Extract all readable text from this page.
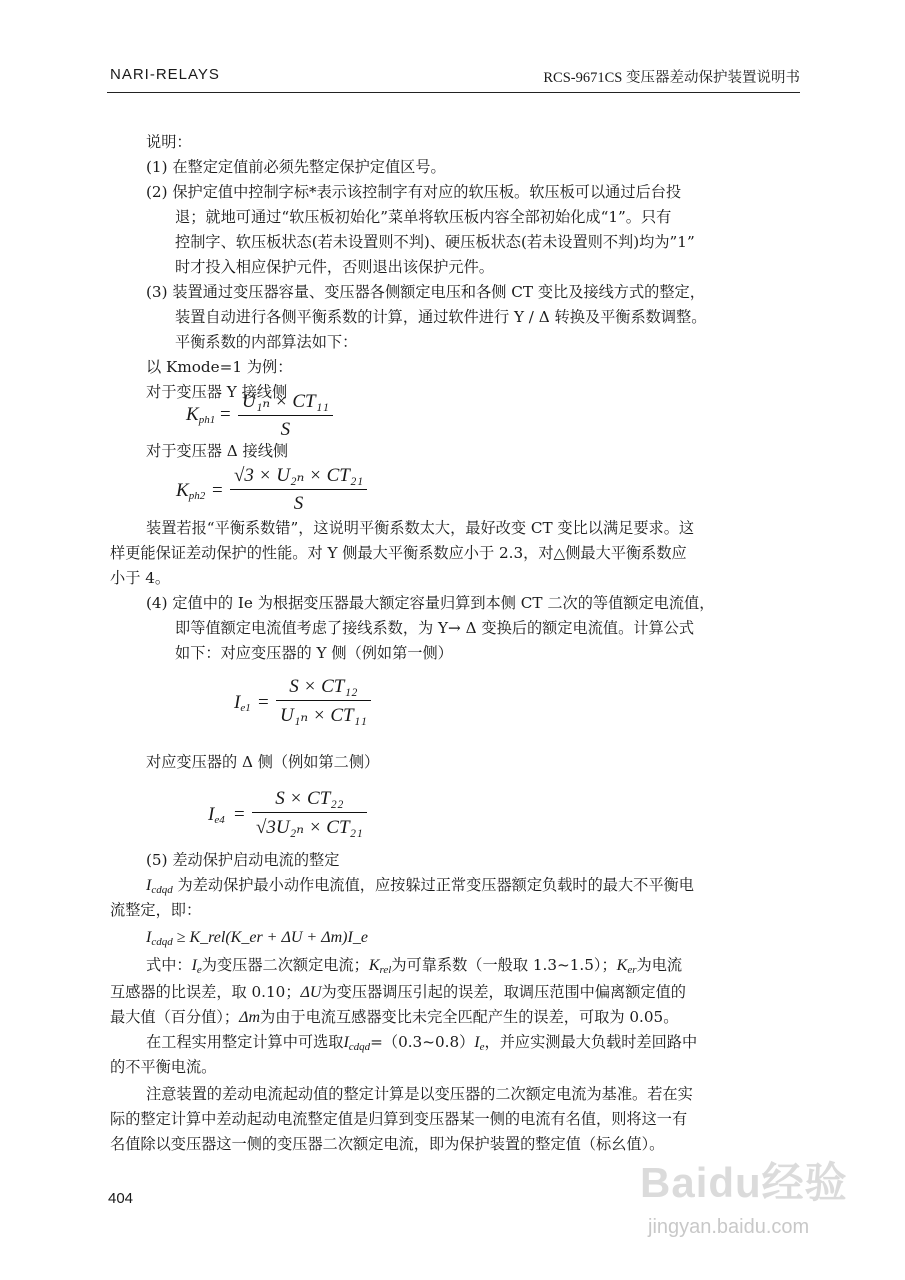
NARI-RELAYS	RCS-9671CS 变压器差动保护装置说明书
说明：
(1) 在整定定值前必须先整定保护定值区号。
(2) 保护定值中控制字标*表示该控制字有对应的软压板。软压板可以通过后台投
退；就地可通过“软压板初始化”菜单将软压板内容全部初始化成“1”。只有
控制字、软压板状态(若未设置则不判)、硬压板状态(若未设置则不判)均为”1”
时才投入相应保护元件，否则退出该保护元件。
(3) 装置通过变压器容量、变压器各侧额定电压和各侧 CT 变比及接线方式的整定，
装置自动进行各侧平衡系数的计算，通过软件进行 Y / Δ 转换及平衡系数调整。
平衡系数的内部算法如下：
以 Kmode=1 为例：
对于变压器 Y 接线侧
$K_{ph1} = \frac{\text{U₁ₙ × CT₁₁}}{S}$
对于变压器 Δ 接线侧
$K_{ph2} = \frac{\text{√3 × U₂ₙ × CT₂₁}}{S}$
装置若报“平衡系数错”，这说明平衡系数太大，最好改变 CT 变比以满足要求。这
样更能保证差动保护的性能。对 Y 侧最大平衡系数应小于 2.3，对△侧最大平衡系数应
小于 4。
(4) 定值中的 Ie 为根据变压器最大额定容量归算到本侧 CT 二次的等值额定电流值，
即等值额定电流值考虑了接线系数，为 Y→ Δ 变换后的额定电流值。计算公式
如下：对应变压器的 Y 侧（例如第一侧）
$I_{e1} = \frac{\text{S × CT₁₂}}{\text{U₁ₙ × CT₁₁}}$
对应变压器的 Δ 侧（例如第二侧）
$I_{e4} = \frac{\text{S × CT₂₂}}{\text{√3U₂ₙ × CT₂₁}}$
(5) 差动保护启动电流的整定
$I_{cdqd}$ 为差动保护最小动作电流值，应按躲过正常变压器额定负载时的最大不平衡电
流整定，即：
$I_{cdqd}$ ≥ K_rel(K_er + ΔU + Δm)I_e
式中：$I_e$为变压器二次额定电流；$K_{rel}$为可靠系数（一般取 1.3~1.5）；$K_{er}$为电流
互感器的比误差，取 0.10；ΔU为变压器调压引起的误差，取调压范围中偏离额定值的
最大值（百分值）；Δm为由于电流互感器变比未完全匹配产生的误差，可取为 0.05。
在工程实用整定计算中可选取$I_{cdqd}=(0.3\sim 0.8)I_e$，并应实测最大负载时差回路中
的不平衡电流。
注意装置的差动电流起动值的整定计算是以变压器的二次额定电流为基准。若在实
际的整定计算中差动起动电流整定值是归算到变压器某一侧的电流有名值，则将这一有
名值除以变压器这一侧的变压器二次额定电流，即为保护装置的整定值（标幺值）。
404	Baidu经验
jingyan.baidu.com
